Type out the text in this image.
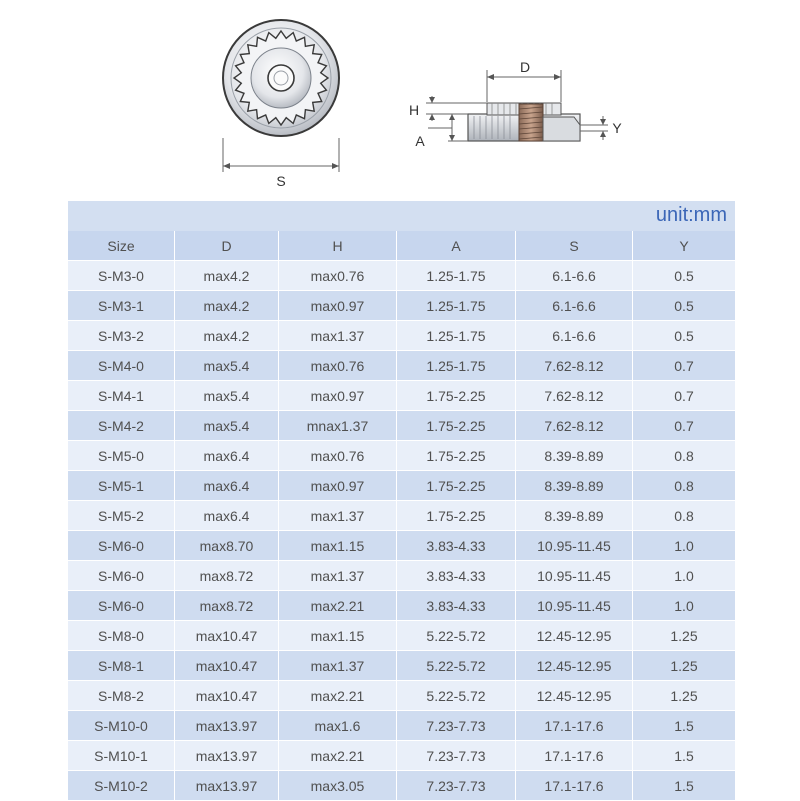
S
D
H
A
Y
unit:mm
Size	D	H	A	S	Y
S-M3-0	max4.2	max0.76	1.25-1.75	6.1-6.6	0.5
S-M3-1	max4.2	max0.97	1.25-1.75	6.1-6.6	0.5
S-M3-2	max4.2	max1.37	1.25-1.75	6.1-6.6	0.5
S-M4-0	max5.4	max0.76	1.25-1.75	7.62-8.12	0.7
S-M4-1	max5.4	max0.97	1.75-2.25	7.62-8.12	0.7
S-M4-2	max5.4	mnax1.37	1.75-2.25	7.62-8.12	0.7
S-M5-0	max6.4	max0.76	1.75-2.25	8.39-8.89	0.8
S-M5-1	max6.4	max0.97	1.75-2.25	8.39-8.89	0.8
S-M5-2	max6.4	max1.37	1.75-2.25	8.39-8.89	0.8
S-M6-0	max8.70	max1.15	3.83-4.33	10.95-11.45	1.0
S-M6-0	max8.72	max1.37	3.83-4.33	10.95-11.45	1.0
S-M6-0	max8.72	max2.21	3.83-4.33	10.95-11.45	1.0
S-M8-0	max10.47	max1.15	5.22-5.72	12.45-12.95	1.25
S-M8-1	max10.47	max1.37	5.22-5.72	12.45-12.95	1.25
S-M8-2	max10.47	max2.21	5.22-5.72	12.45-12.95	1.25
S-M10-0	max13.97	max1.6	7.23-7.73	17.1-17.6	1.5
S-M10-1	max13.97	max2.21	7.23-7.73	17.1-17.6	1.5
S-M10-2	max13.97	max3.05	7.23-7.73	17.1-17.6	1.5
